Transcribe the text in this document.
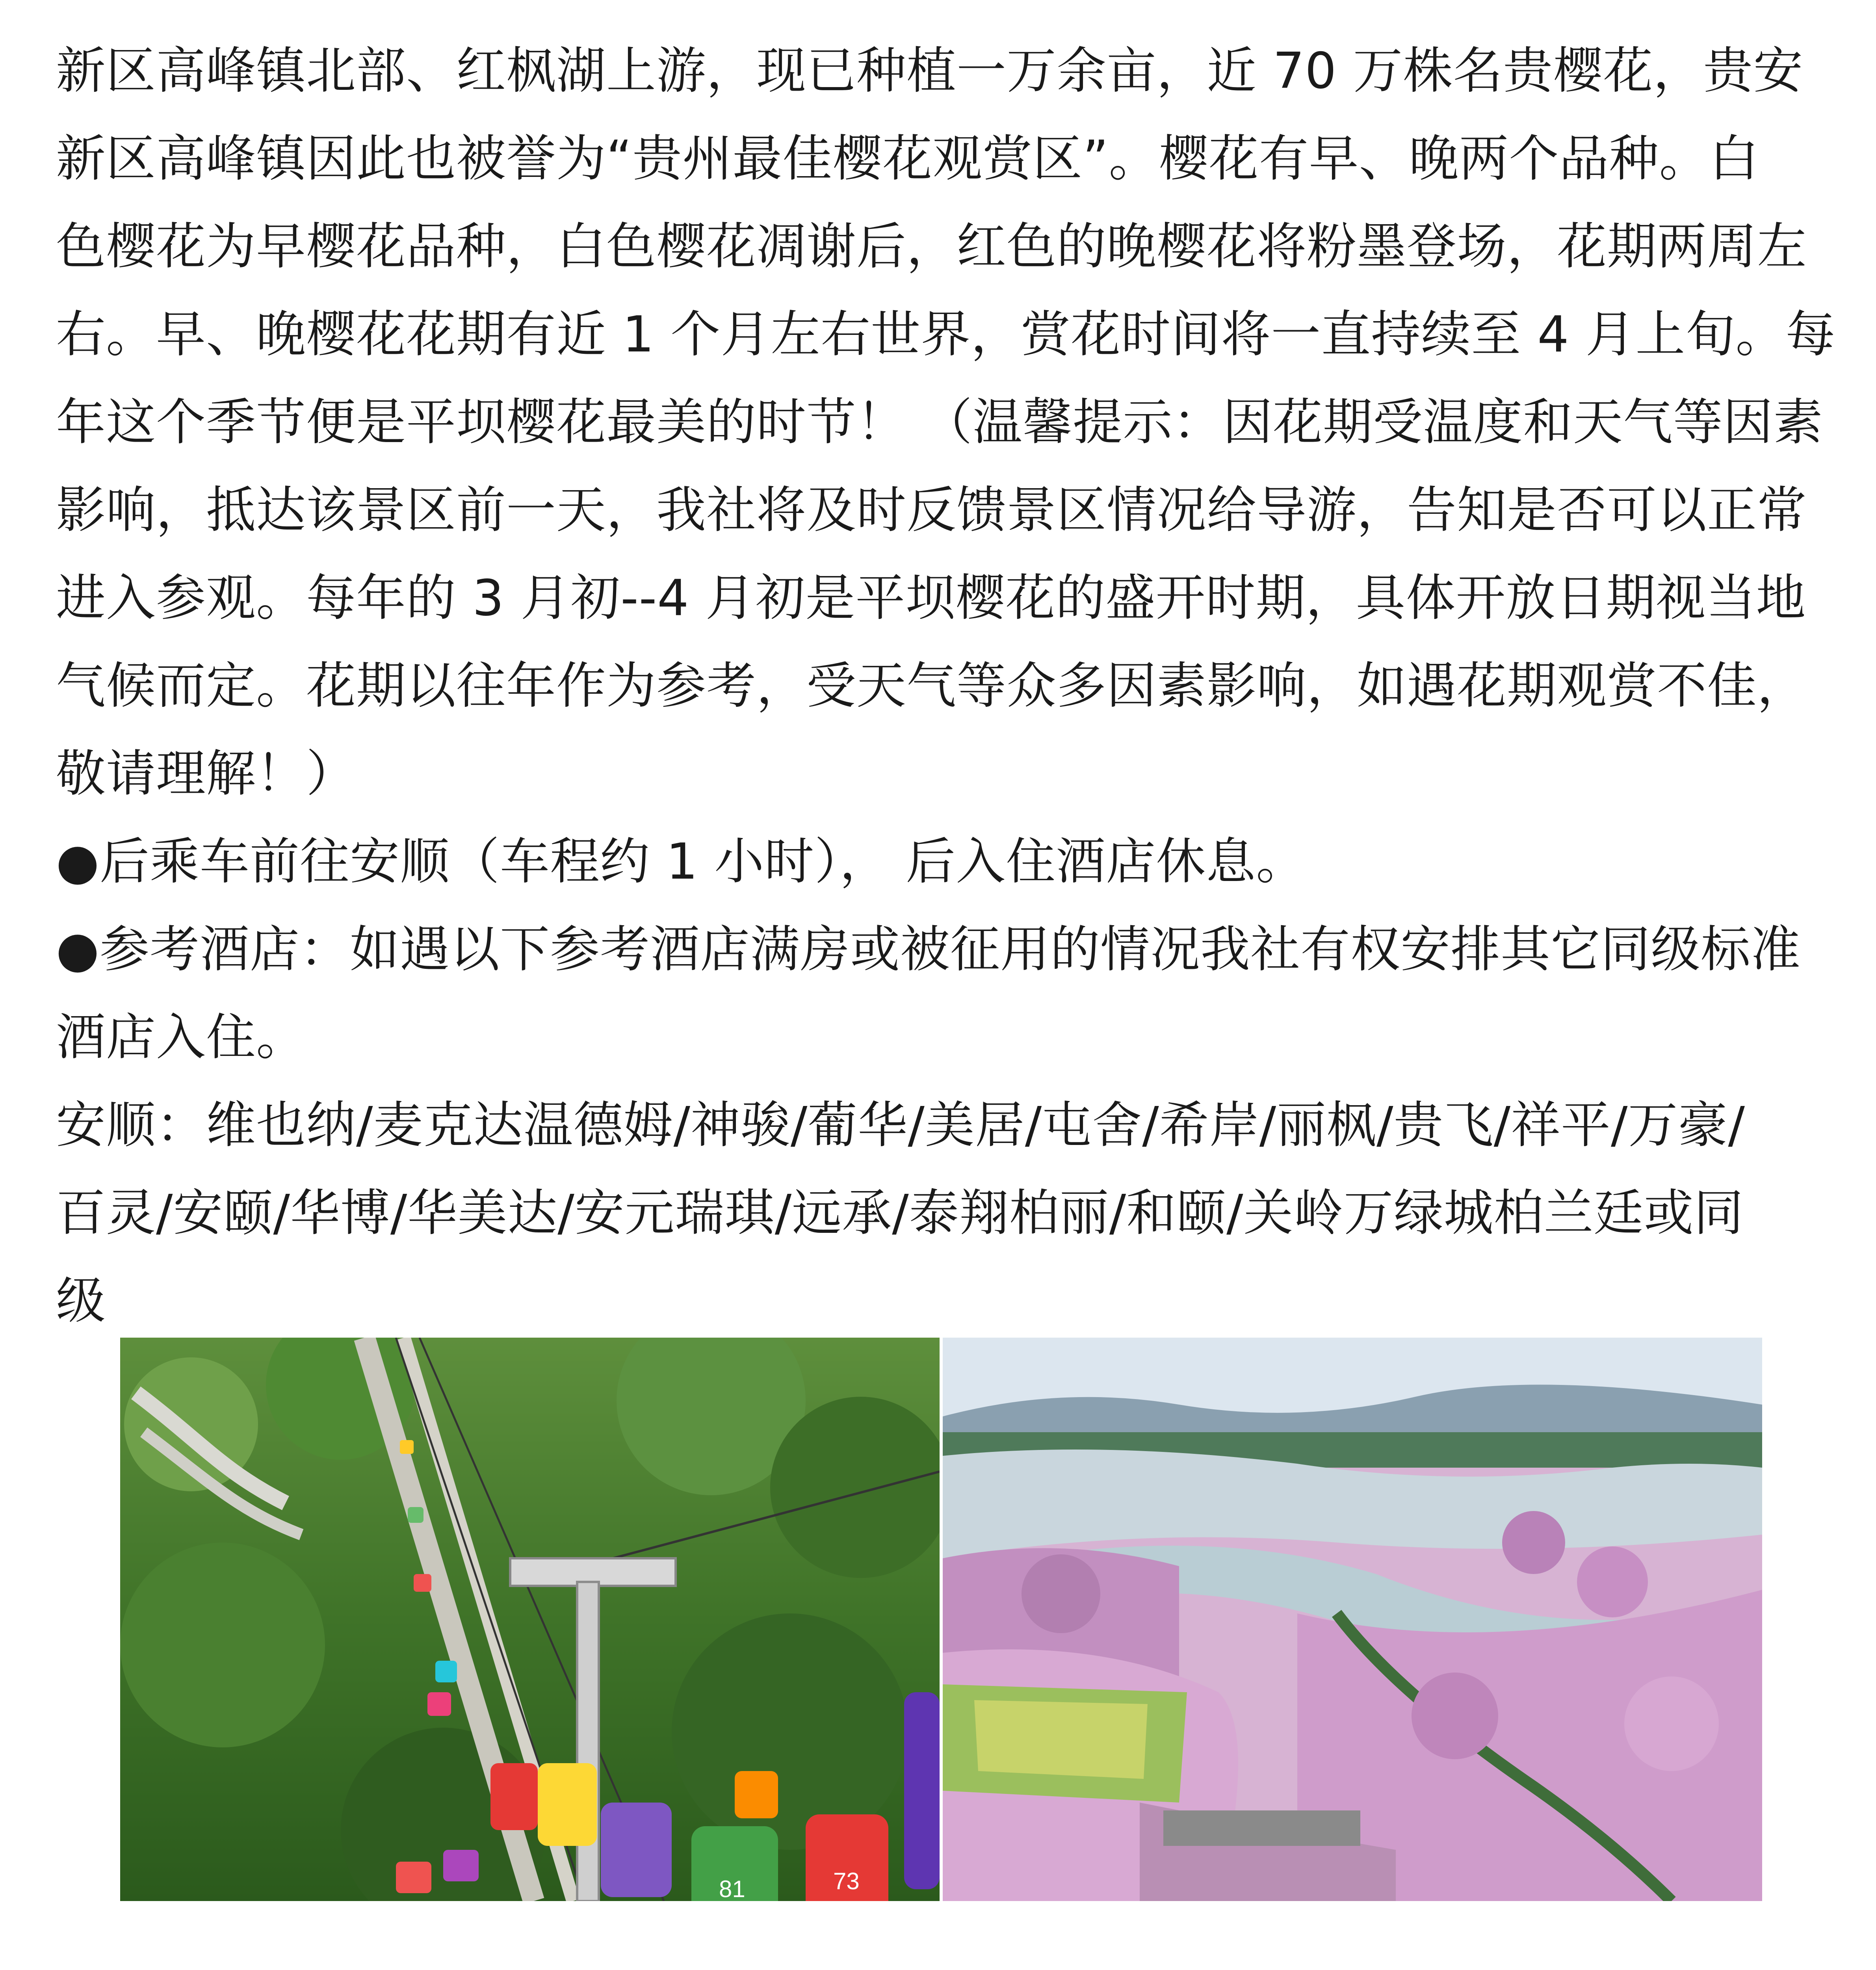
新区高峰镇北部、红枫湖上游，现已种植一万余亩，近 70 万株名贵樱花，贵安

新区高峰镇因此也被誉为“贵州最佳樱花观赏区”。樱花有早、晚两个品种。白

色樱花为早樱花品种，白色樱花凋谢后，红色的晚樱花将粉墨登场，花期两周左

右。早、晚樱花花期有近 1 个月左右世界，赏花时间将一直持续至 4 月上旬。每

年这个季节便是平坝樱花最美的时节！ （温馨提示：因花期受温度和天气等因素

影响，抵达该景区前一天，我社将及时反馈景区情况给导游，告知是否可以正常

进入参观。每年的 3 月初--4 月初是平坝樱花的盛开时期，具体开放日期视当地

气候而定。花期以往年作为参考，受天气等众多因素影响，如遇花期观赏不佳，

敬请理解！）

●后乘车前往安顺（车程约 1 小时）， 后入住酒店休息。

●参考酒店：如遇以下参考酒店满房或被征用的情况我社有权安排其它同级标准

酒店入住。

安顺：维也纳/麦克达温德姆/神骏/葡华/美居/屯舍/希岸/丽枫/贵飞/祥平/万豪/

百灵/安颐/华博/华美达/安元瑞琪/远承/泰翔柏丽/和颐/关岭万绿城柏兰廷或同

级

81	73
